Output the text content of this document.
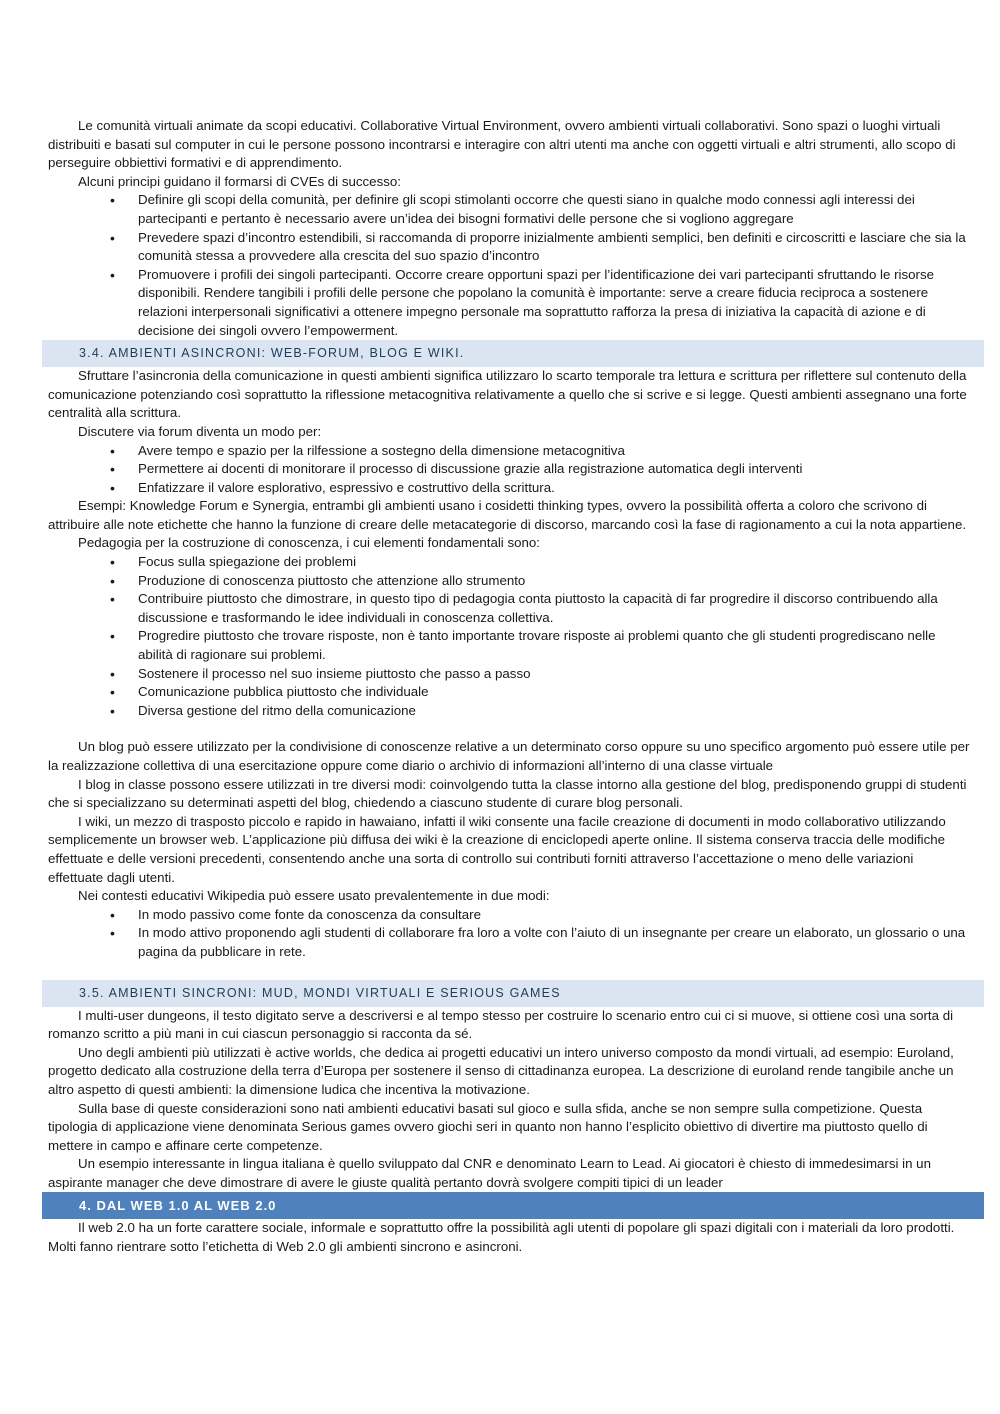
Le comunità virtuali animate da scopi educativi. Collaborative Virtual Environment, ovvero ambienti virtuali collaborativi. Sono spazi o luoghi virtuali distribuiti e basati sul computer in cui le persone possono incontrarsi e interagire con altri utenti ma anche con oggetti virtuali e altri strumenti, allo scopo di perseguire obbiettivi formativi e di apprendimento.

Alcuni principi guidano il formarsi di CVEs di successo:

• Definire gli scopi della comunità, per definire gli scopi stimolanti occorre che questi siano in qualche modo connessi agli interessi dei partecipanti e pertanto è necessario avere un’idea dei bisogni formativi delle persone che si vogliono aggregare
• Prevedere spazi d’incontro estendibili, si raccomanda di proporre inizialmente ambienti semplici, ben definiti e circoscritti e lasciare che sia la comunità stessa a provvedere alla crescita del suo spazio d’incontro
• Promuovere i profili dei singoli partecipanti. Occorre creare opportuni spazi per l’identificazione dei vari partecipanti sfruttando le risorse disponibili. Rendere tangibili i profili delle persone che popolano la comunità è importante: serve a creare fiducia reciproca a sostenere relazioni interpersonali significativi a ottenere impegno personale ma soprattutto rafforza la presa di iniziativa la capacità di azione e di decisione dei singoli ovvero l’empowerment.
3.4. AMBIENTI ASINCRONI: WEB-FORUM, BLOG E WIKI.

Sfruttare l’asincronia della comunicazione in questi ambienti significa utilizzaro lo scarto temporale tra lettura e scrittura per riflettere sul contenuto della comunicazione potenziando così soprattutto la riflessione metacognitiva relativamente a quello che si scrive e si legge. Questi ambienti assegnano una forte centralità alla scrittura.

Discutere via forum diventa un modo per:

• Avere tempo e spazio per la rilfessione a sostegno della dimensione metacognitiva
• Permettere ai docenti di monitorare il processo di discussione grazie alla registrazione automatica degli interventi
• Enfatizzare il valore esplorativo, espressivo e costruttivo della scrittura.

Esempi: Knowledge Forum e Synergia, entrambi gli ambienti usano i cosidetti thinking types, ovvero la possibilità offerta a coloro che scrivono di attribuire alle note etichette che hanno la funzione di creare delle metacategorie di discorso, marcando così la fase di ragionamento a cui la nota appartiene.

Pedagogia per la costruzione di conoscenza, i cui elementi fondamentali sono:

• Focus sulla spiegazione dei problemi
• Produzione di conoscenza piuttosto che attenzione allo strumento
• Contribuire piuttosto che dimostrare, in questo tipo di pedagogia conta piuttosto la capacità di far progredire il discorso contribuendo alla discussione e trasformando le idee individuali in conoscenza collettiva.
• Progredire piuttosto che trovare risposte, non è tanto importante trovare risposte ai problemi quanto che gli studenti progrediscano nelle abilità di ragionare sui problemi.
• Sostenere il processo nel suo insieme piuttosto che passo a passo
• Comunicazione pubblica piuttosto che individuale
• Diversa gestione del ritmo della comunicazione

Un blog può essere utilizzato per la condivisione di conoscenze relative a un determinato corso oppure su uno specifico argomento può essere utile per la realizzazione collettiva di una esercitazione oppure come diario o archivio di informazioni all’interno di una classe virtuale

I blog in classe possono essere utilizzati in tre diversi modi: coinvolgendo tutta la classe intorno alla gestione del blog, predisponendo gruppi di studenti che si specializzano su determinati aspetti del blog, chiedendo a ciascuno studente di curare blog personali.

I wiki, un mezzo di trasposto piccolo e rapido in hawaiano, infatti il wiki consente una facile creazione di documenti in modo collaborativo utilizzando semplicemente un browser web. L’applicazione più diffusa dei wiki è la creazione di enciclopedi aperte online. Il sistema conserva traccia delle modifiche effettuate e delle versioni precedenti, consentendo anche una sorta di controllo sui contributi forniti attraverso l’accettazione o meno delle variazioni effettuate dagli utenti.

Nei contesti educativi Wikipedia può essere usato prevalentemente in due modi:

• In modo passivo come fonte da conoscenza da consultare
• In modo attivo proponendo agli studenti di collaborare fra loro a volte con l’aiuto di un insegnante per creare un elaborato, un glossario o una pagina da pubblicare in rete.
3.5. AMBIENTI SINCRONI: MUD, MONDI VIRTUALI E SERIOUS GAMES

I multi-user dungeons, il testo digitato serve a descriversi e al tempo stesso per costruire lo scenario entro cui ci si muove, si ottiene così una sorta di romanzo scritto a più mani in cui ciascun personaggio si racconta da sé.

Uno degli ambienti più utilizzati è active worlds, che dedica ai progetti educativi un intero universo composto da mondi virtuali, ad esempio: Euroland, progetto dedicato alla costruzione della terra d’Europa per sostenere il senso di cittadinanza europea. La descrizione di euroland rende tangibile anche un altro aspetto di questi ambienti: la dimensione ludica che incentiva la motivazione.

Sulla base di queste considerazioni sono nati ambienti educativi basati sul gioco e sulla sfida, anche se non sempre sulla competizione. Questa tipologia di applicazione viene denominata Serious games ovvero giochi seri in quanto non hanno l’esplicito obiettivo di divertire ma piuttosto quello di mettere in campo e affinare certe competenze.

Un esempio interessante in lingua italiana è quello sviluppato dal CNR e denominato Learn to Lead. Ai giocatori è chiesto di immedesimarsi in un aspirante manager che deve dimostrare di avere le giuste qualità pertanto dovrà svolgere compiti tipici di un leader

4. DAL WEB 1.0 AL WEB 2.0

Il web 2.0 ha un forte carattere sociale, informale e soprattutto offre la possibilità agli utenti di popolare gli spazi digitali con i materiali da loro prodotti. Molti fanno rientrare sotto l’etichetta di Web 2.0 gli ambienti sincrono e asincroni.
